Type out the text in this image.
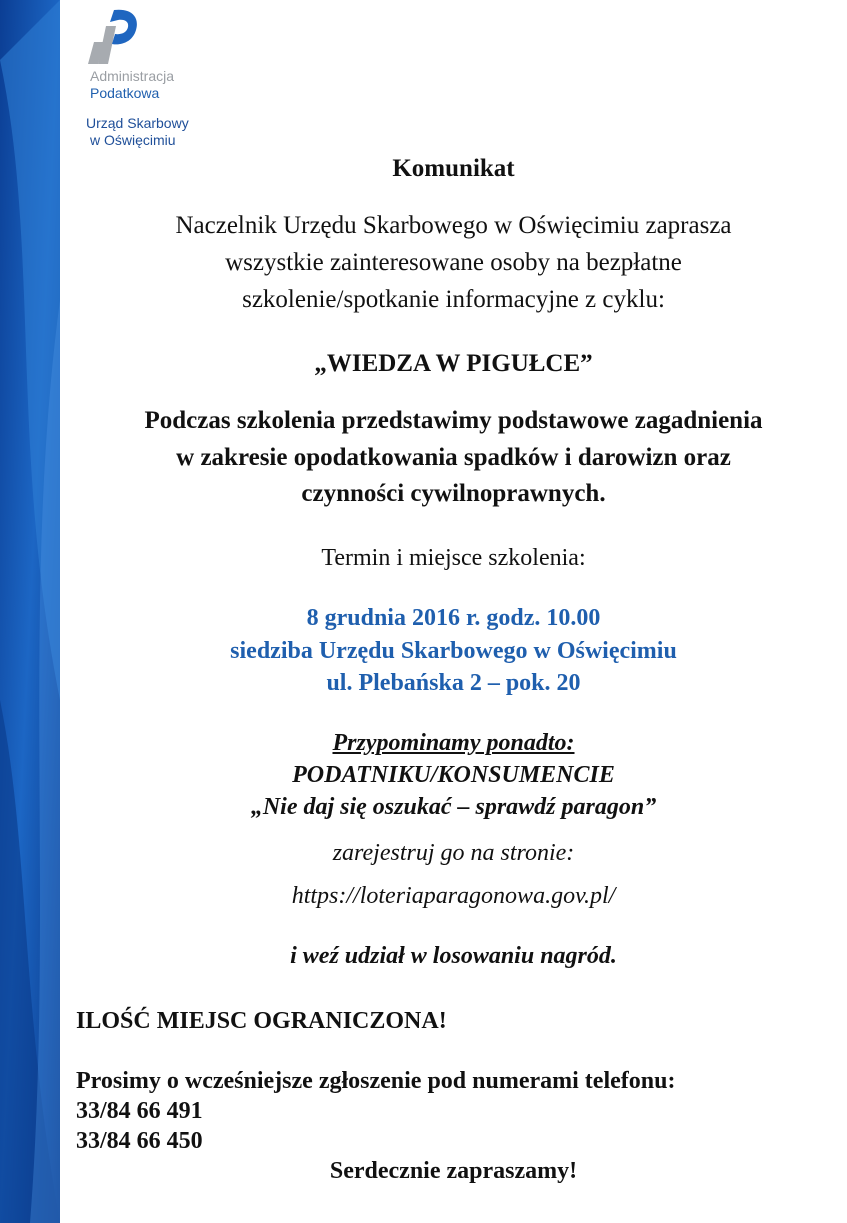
Administracja
Podatkowa
Urząd Skarbowy
w Oświęcimiu
Komunikat
Naczelnik Urzędu Skarbowego w Oświęcimiu zaprasza
wszystkie zainteresowane osoby na bezpłatne
szkolenie/spotkanie informacyjne z cyklu:
„WIEDZA W PIGUŁCE”
Podczas szkolenia przedstawimy podstawowe zagadnienia
w zakresie opodatkowania spadków i darowizn oraz
czynności cywilnoprawnych.
Termin i miejsce szkolenia:
8 grudnia 2016 r. godz. 10.00
siedziba Urzędu Skarbowego w Oświęcimiu
ul. Plebańska 2 – pok. 20
Przypominamy ponadto:
PODATNIKU/KONSUMENCIE
„Nie daj się oszukać – sprawdź paragon”
zarejestruj go na stronie:
https://loteriaparagonowa.gov.pl/
i weź udział w losowaniu nagród.
ILOŚĆ MIEJSC OGRANICZONA!
Prosimy o wcześniejsze zgłoszenie pod numerami telefonu:
33/84 66 491
33/84 66 450
Serdecznie zapraszamy!
